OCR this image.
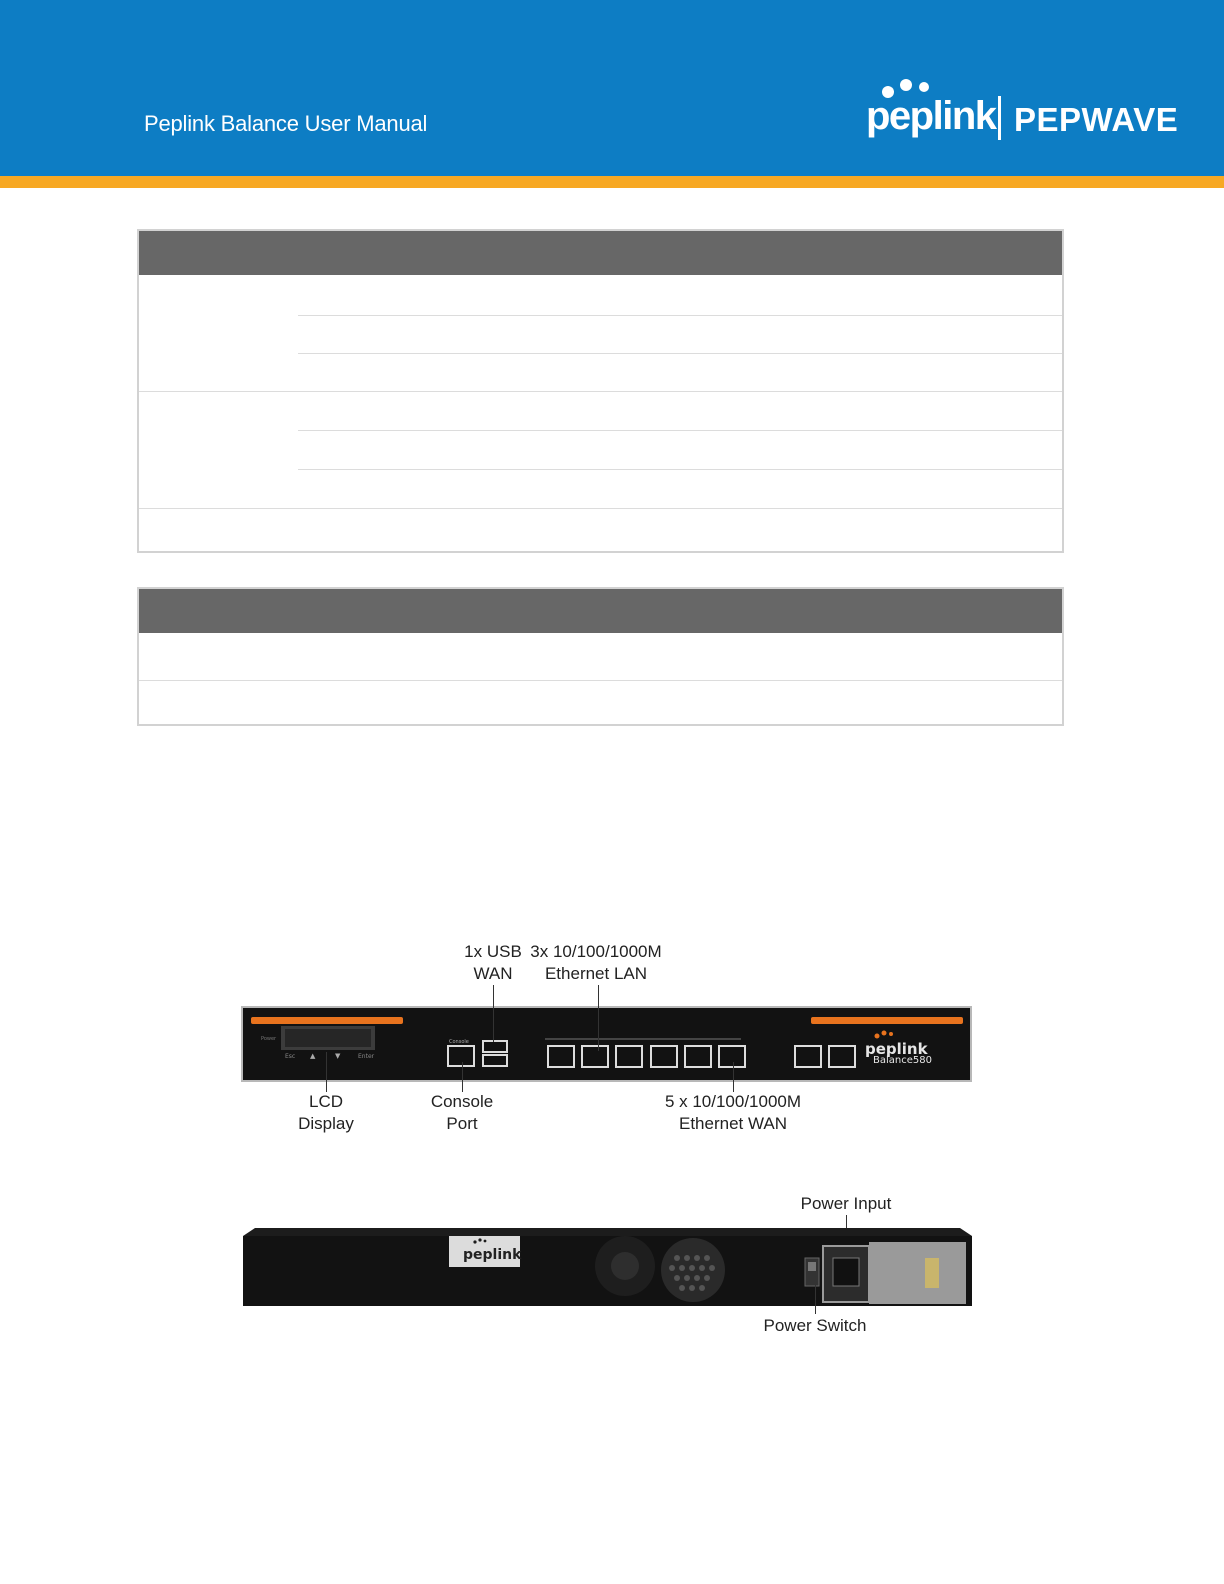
Peplink Balance User Manual	peplink PEPWAVE
1x USB
WAN
3x 10/100/1000M
Ethernet LAN
Power
Esc ▲	▼	Enter
Console	peplink
Balance580
LCD
Display
Console
Port
5 x 10/100/1000M
Ethernet WAN
Power Input
peplink
Power Switch
